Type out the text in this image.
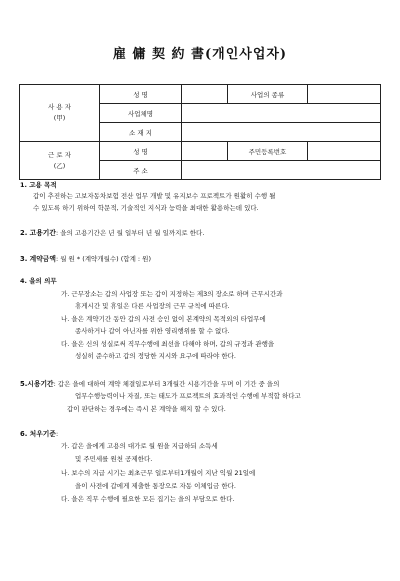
雇 傭 契 約 書(개인사업자)
사 용 자
(甲)	성 명		사업의 종류	
	사업체명			
	소 재 지			

근 로 자
(乙)	성 명		주민등록번호	
	주 소			
1. 고용 목적
갑이 추진하는 고보자동차보험 전산 업무 개발 및 유지보수 프로젝트가 원활히 수행 될
수 있도록 하기 위하여 학문적, 기술적인 지식과 능력을 최대한 활용하는데 있다.
2. 고용기간: 을의 고용기간은 년 월 일부터 년 월 일까지로 한다.
3. 계약금액: 월 원 * (계약개월수) (합계 : 원)
4. 을의 의무
가. 근무장소는 갑의 사업장 또는 갑이 지정하는 제3의 장소로 하며 근무시간과
휴게시간 및 휴일은 다른 사업장의 근무 규칙에 따른다.
나. 을은 계약기간 동안 갑의 사전 승인 없이 본계약의 목적외의 타업무에
종사하거나 갑이 아닌자를 위한 영리행위를 할 수 없다.
다. 을은 신의 성실로써 직무수행에 최선을 다해야 하며, 갑의 규정과 관행을
성실히 준수하고 갑의 정당한 지시와 요구에 따라야 한다.
5.시용기간: 갑은 을에 대하여 계약 체결일로부터 3개월간 시용기간을 두며 이 기간 중 을의
업무수행능력이나 자질, 또는 태도가 프로젝트의 효과적인 수행에 부적합 하다고
갑이 판단하는 경우에는 즉시 본 계약을 해지 할 수 있다.
6. 처우기준:
가. 갑은 을에게 고용의 대가로 월 원을 지급하되 소득세
및 주민세를 원천 공제한다.
나. 보수의 지급 시기는 최초근무 일로부터1개월이 지난 익월 21일에
을이 사전에 갑에게 제출한 통장으로 자동 이체입금 한다.
다. 을은 직무 수행에 필요한 모든 집기는 을의 부담으로 한다.
